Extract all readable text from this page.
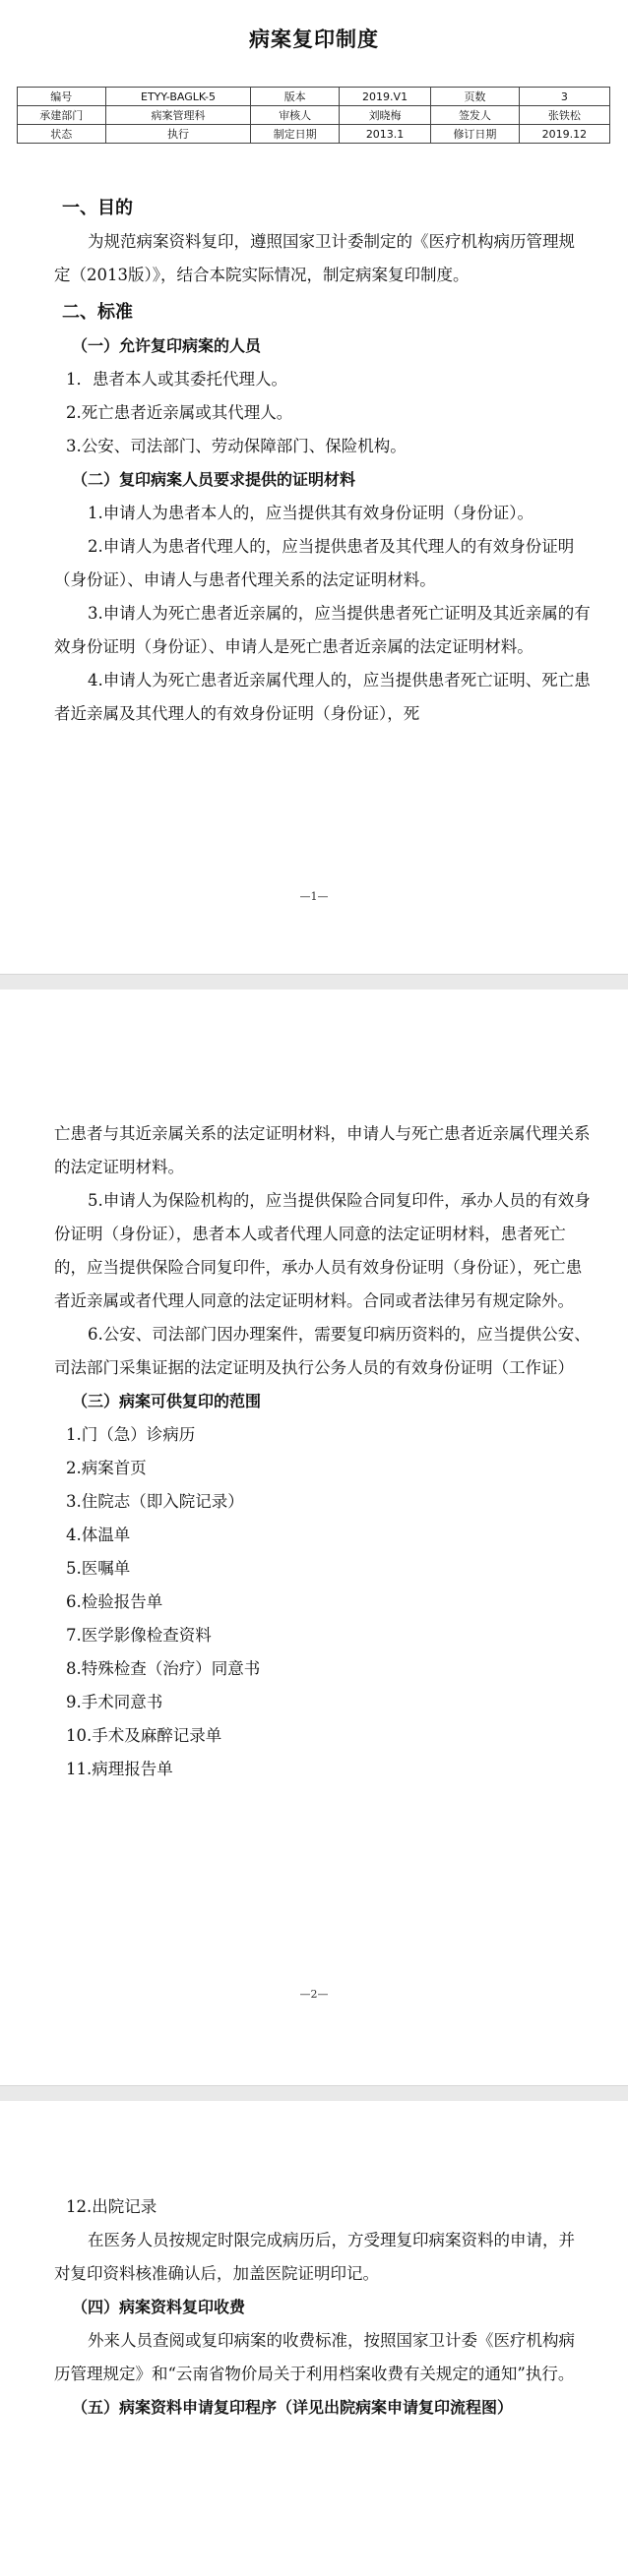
病案复印制度
编号	ETYY-BAGLK-5	版本	2019.V1	页数	3
承建部门	病案管理科	审核人	刘晓梅	签发人	张铁松
状态	执行	制定日期	2013.1	修订日期	2019.12

一、目的

为规范病案资料复印，遵照国家卫计委制定的《医疗机构病历管理规定（2013版）》，结合本院实际情况，制定病案复印制度。

二、标准

（一）允许复印病案的人员

1．患者本人或其委托代理人。

2.死亡患者近亲属或其代理人。

3.公安、司法部门、劳动保障部门、保险机构。

（二）复印病案人员要求提供的证明材料

1.申请人为患者本人的，应当提供其有效身份证明（身份证）。

2.申请人为患者代理人的，应当提供患者及其代理人的有效身份证明（身份证）、申请人与患者代理关系的法定证明材料。

3.申请人为死亡患者近亲属的，应当提供患者死亡证明及其近亲属的有效身份证明（身份证）、申请人是死亡患者近亲属的法定证明材料。

4.申请人为死亡患者近亲属代理人的，应当提供患者死亡证明、死亡患者近亲属及其代理人的有效身份证明（身份证），死

—1—

亡患者与其近亲属关系的法定证明材料，申请人与死亡患者近亲属代理关系的法定证明材料。

5.申请人为保险机构的，应当提供保险合同复印件，承办人员的有效身份证明（身份证），患者本人或者代理人同意的法定证明材料，患者死亡的，应当提供保险合同复印件，承办人员有效身份证明（身份证），死亡患者近亲属或者代理人同意的法定证明材料。合同或者法律另有规定除外。

6.公安、司法部门因办理案件，需要复印病历资料的，应当提供公安、司法部门采集证据的法定证明及执行公务人员的有效身份证明（工作证）

（三）病案可供复印的范围

1.门（急）诊病历

2.病案首页

3.住院志（即入院记录）

4.体温单

5.医嘱单

6.检验报告单

7.医学影像检查资料

8.特殊检查（治疗）同意书

9.手术同意书

10.手术及麻醉记录单

11.病理报告单

—2—

12.出院记录

在医务人员按规定时限完成病历后，方受理复印病案资料的申请，并对复印资料核准确认后，加盖医院证明印记。

（四）病案资料复印收费

外来人员查阅或复印病案的收费标准，按照国家卫计委《医疗机构病历管理规定》和“云南省物价局关于利用档案收费有关规定的通知”执行。

（五）病案资料申请复印程序（详见出院病案申请复印流程图）
